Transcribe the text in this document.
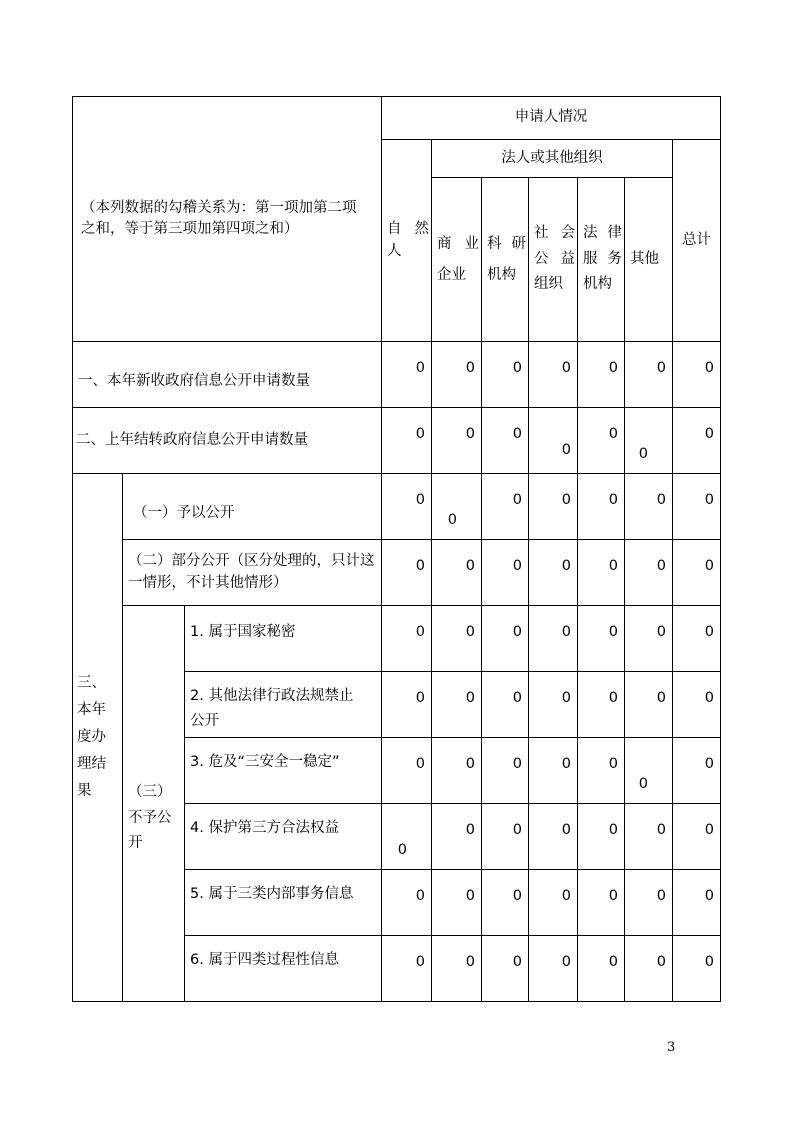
（本列数据的勾稽关系为：第一项加第二项之和，等于第三项加第四项之和）			申请人情况						
			自 然人	法人或其他组织					总计
				商业企业	科研机构	社 会公 益组织	法 律服 务机构	其他	
一、本年新收政府信息公开申请数量			0	0	0	0	0	0	0
二、上年结转政府信息公开申请数量			0	0	0	0	0	0	0
三、本年度办理结果	（一）予以公开		0	0	0	0	0	0	0
	（二）部分公开（区分处理的，只计这一情形，不计其他情形）		0	0	0	0	0	0	0
	（三）不予公开	1. 属于国家秘密	0	0	0	0	0	0	0
		2. 其他法律行政法规禁止公开	0	0	0	0	0	0	0
		3. 危及“三安全一稳定”	0	0	0	0	0	0	0
		4. 保护第三方合法权益	0	0	0	0	0	0	0
		5. 属于三类内部事务信息	0	0	0	0	0	0	0
		6. 属于四类过程性信息	0	0	0	0	0	0	0
3
